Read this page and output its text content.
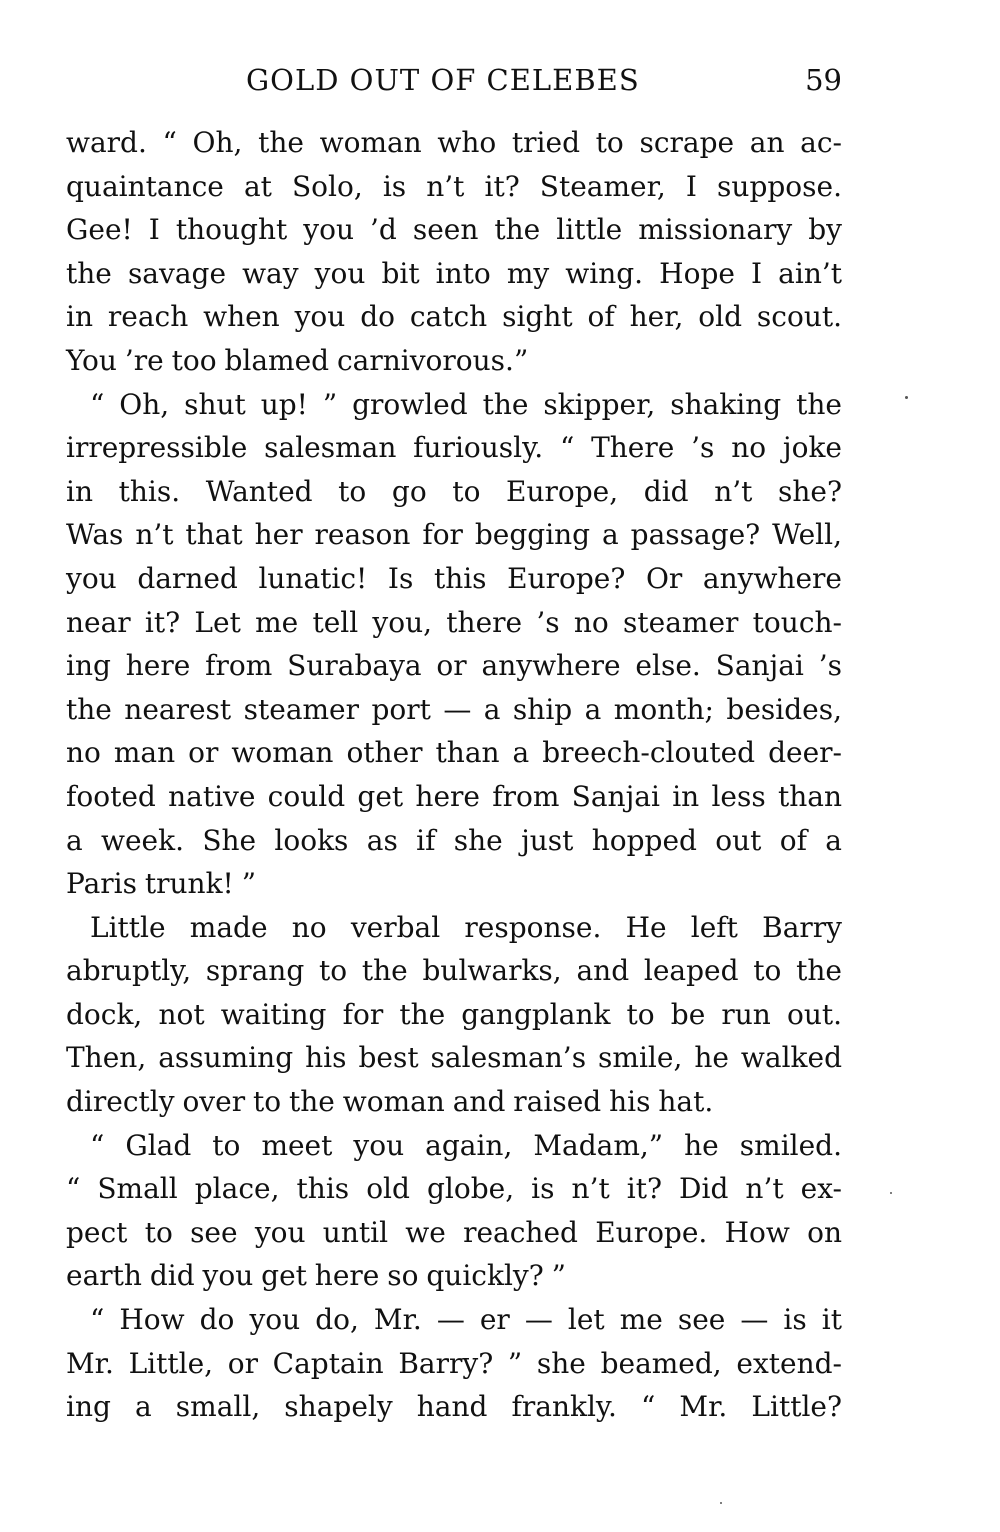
GOLD OUT OF CELEBES	59
ward. “ Oh, the woman who tried to scrape an ac-
quaintance at Solo, is n’t it? Steamer, I suppose.
Gee! I thought you ’d seen the little missionary by
the savage way you bit into my wing. Hope I ain’t
in reach when you do catch sight of her, old scout.
You ’re too blamed carnivorous.”
“ Oh, shut up! ” growled the skipper, shaking the
irrepressible salesman furiously. “ There ’s no joke
in this. Wanted to go to Europe, did n’t she?
Was n’t that her reason for begging a passage? Well,
you darned lunatic! Is this Europe? Or anywhere
near it? Let me tell you, there ’s no steamer touch-
ing here from Surabaya or anywhere else. Sanjai ’s
the nearest steamer port — a ship a month; besides,
no man or woman other than a breech-clouted deer-
footed native could get here from Sanjai in less than
a week. She looks as if she just hopped out of a
Paris trunk! ”
Little made no verbal response. He left Barry
abruptly, sprang to the bulwarks, and leaped to the
dock, not waiting for the gangplank to be run out.
Then, assuming his best salesman’s smile, he walked
directly over to the woman and raised his hat.
“ Glad to meet you again, Madam,” he smiled.
“ Small place, this old globe, is n’t it? Did n’t ex-
pect to see you until we reached Europe. How on
earth did you get here so quickly? ”
“ How do you do, Mr. — er — let me see — is it
Mr. Little, or Captain Barry? ” she beamed, extend-
ing a small, shapely hand frankly. “ Mr. Little?
